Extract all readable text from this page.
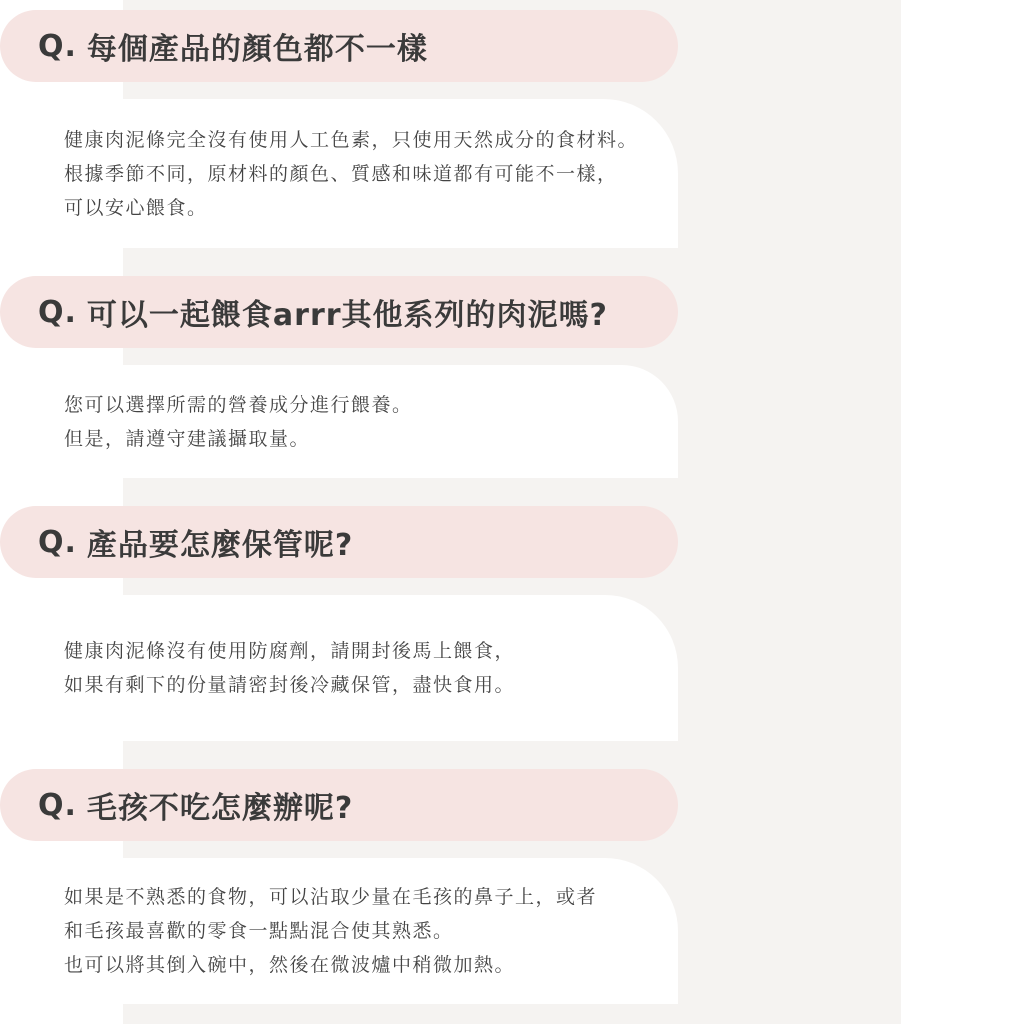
Q. 每個產品的顏色都不一樣
健康肉泥條完全沒有使用人工色素，只使用天然成分的食材料。
根據季節不同，原材料的顏色、質感和味道都有可能不一樣，
可以安心餵食。
Q. 可以一起餵食arrr其他系列的肉泥嗎?
您可以選擇所需的營養成分進行餵養。
但是，請遵守建議攝取量。
Q. 產品要怎麼保管呢?
健康肉泥條沒有使用防腐劑，請開封後馬上餵食，
如果有剩下的份量請密封後冷藏保管，盡快食用。
Q. 毛孩不吃怎麼辦呢?
如果是不熟悉的食物，可以沾取少量在毛孩的鼻子上，或者
和毛孩最喜歡的零食一點點混合使其熟悉。
也可以將其倒入碗中，然後在微波爐中稍微加熱。
